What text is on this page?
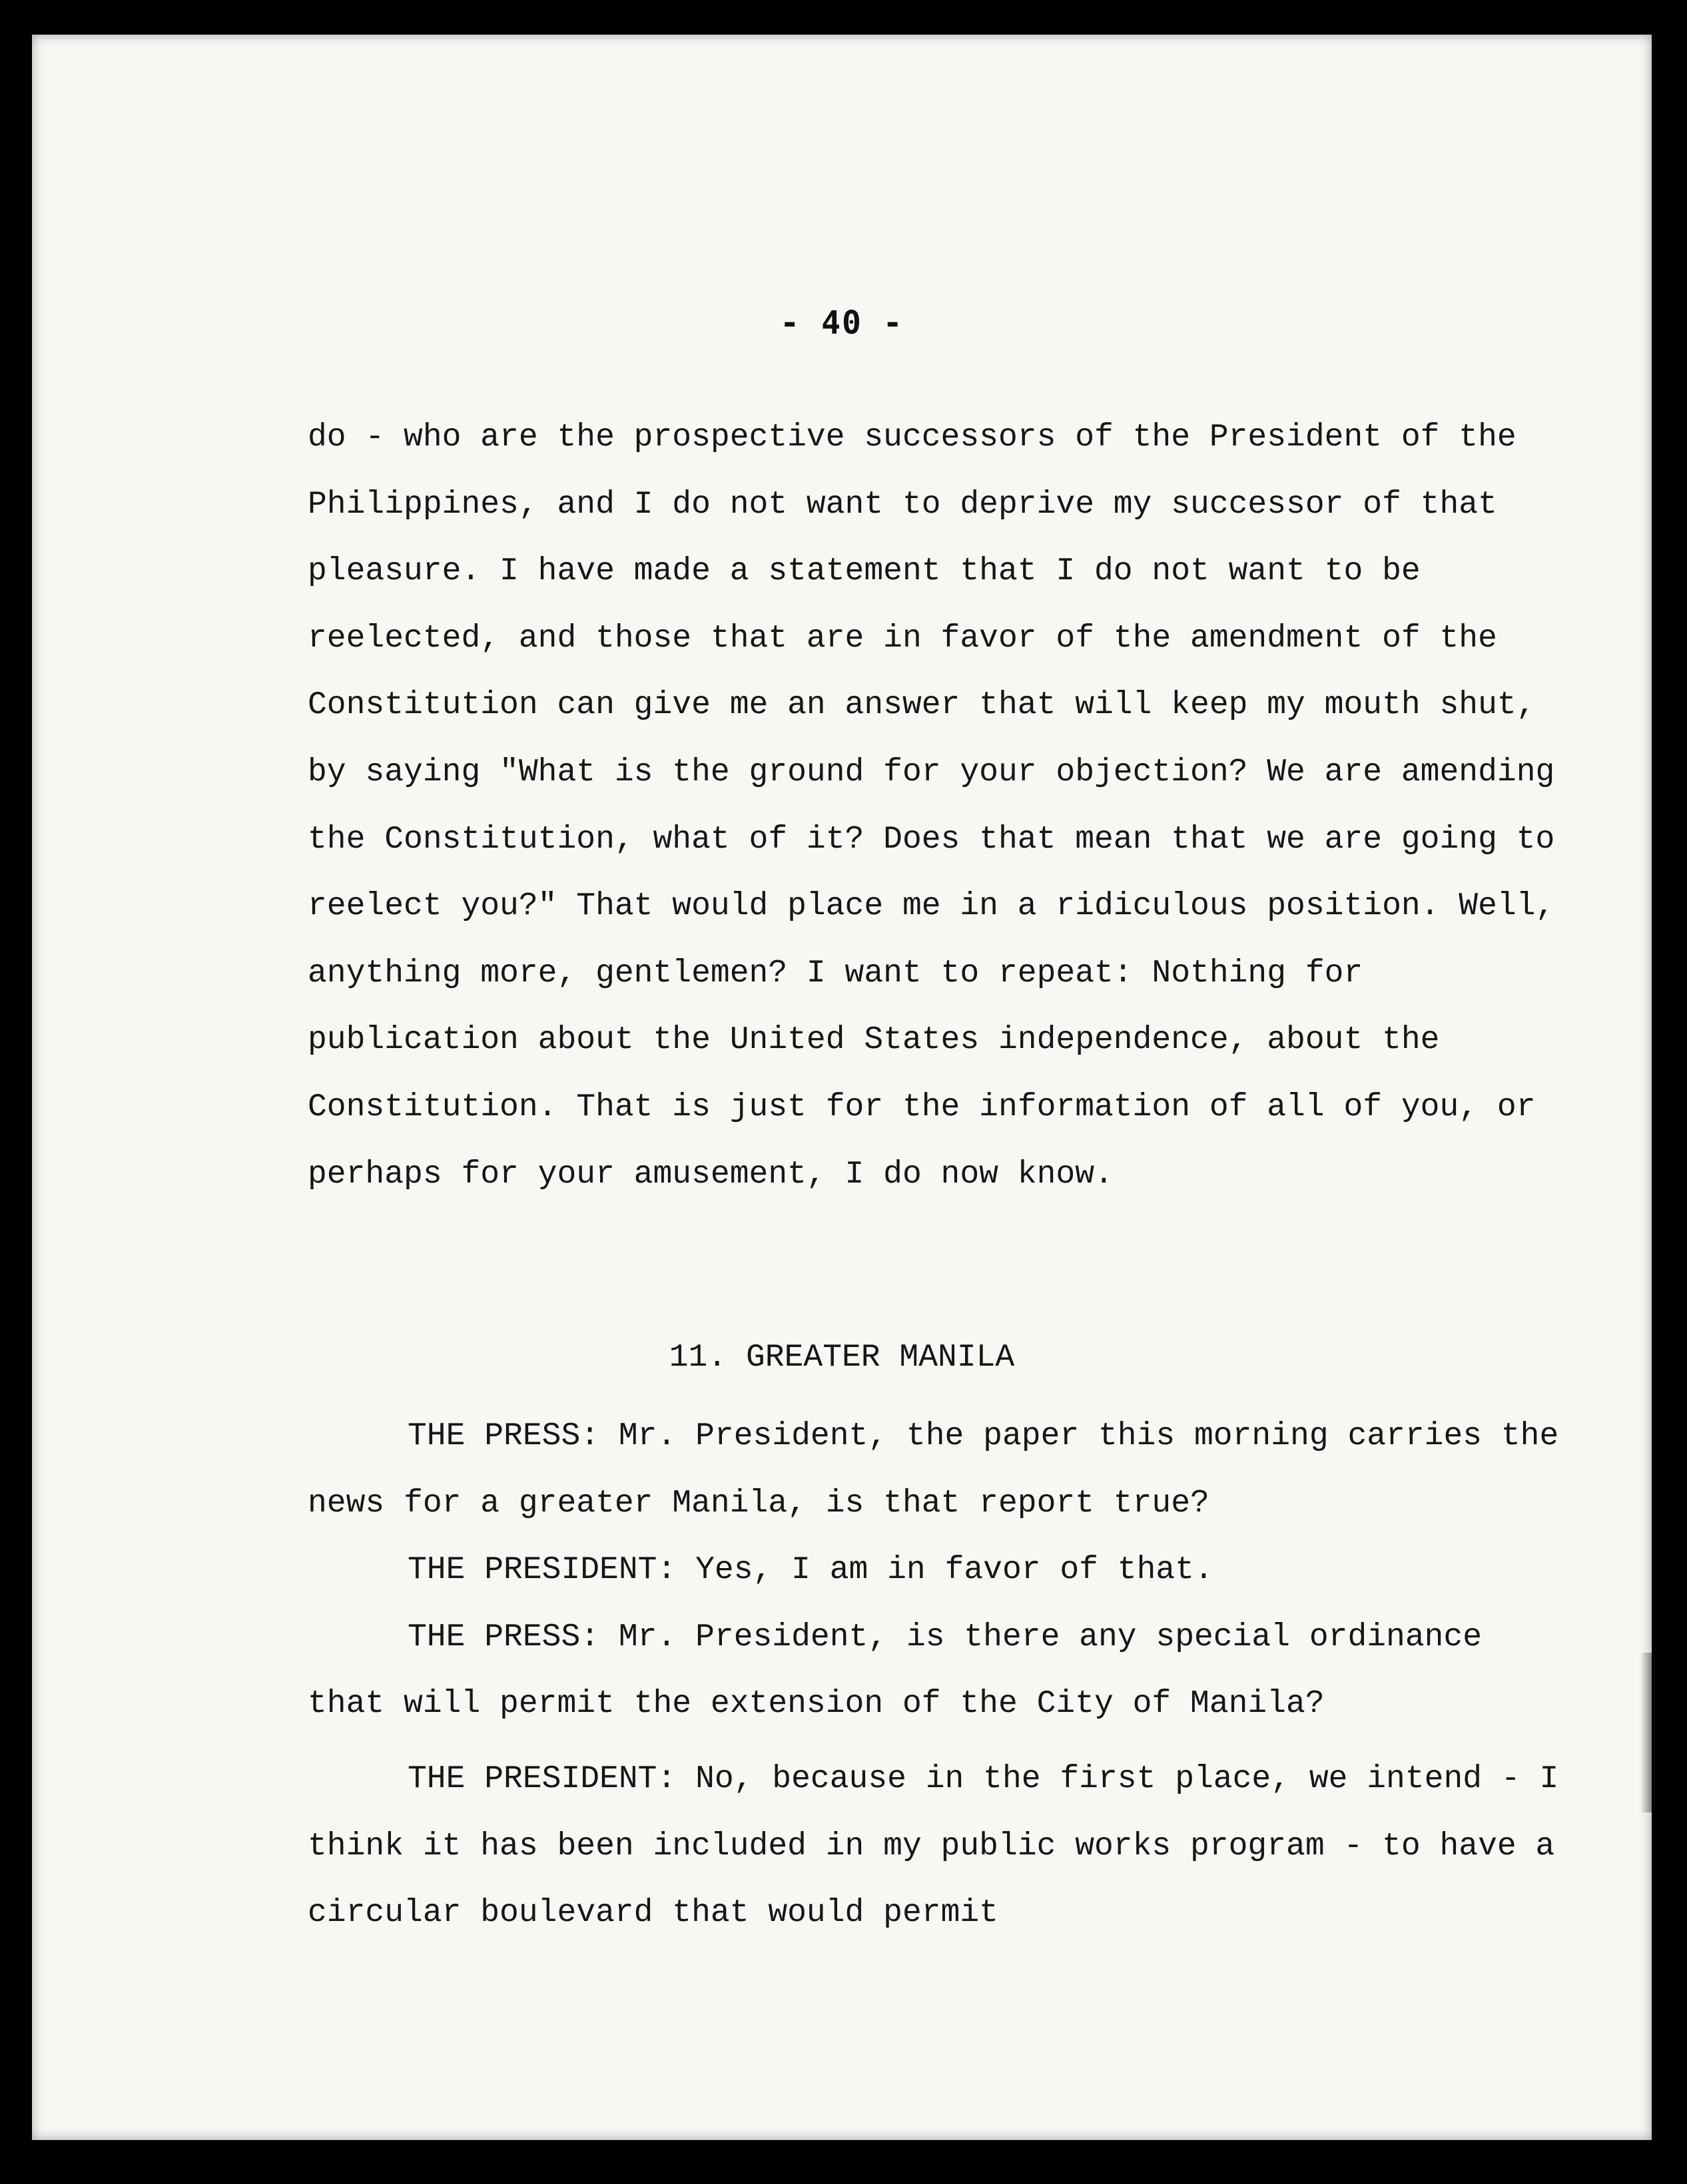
- 40 -

do - who are the prospective successors of the President of the Philippines, and I do not want to deprive my successor of that pleasure. I have made a statement that I do not want to be reelected, and those that are in favor of the amendment of the Constitution can give me an answer that will keep my mouth shut, by saying "What is the ground for your objection? We are amending the Constitution, what of it? Does that mean that we are going to reelect you?" That would place me in a ridiculous position. Well, anything more, gentlemen? I want to repeat: Nothing for publication about the United States independence, about the Constitution. That is just for the information of all of you, or perhaps for your amusement, I do now know.

11. GREATER MANILA

THE PRESS: Mr. President, the paper this morning carries the news for a greater Manila, is that report true?

THE PRESIDENT: Yes, I am in favor of that.

THE PRESS: Mr. President, is there any special ordinance that will permit the extension of the City of Manila?

THE PRESIDENT: No, because in the first place, we intend - I think it has been included in my public works program - to have a circular boulevard that would permit
